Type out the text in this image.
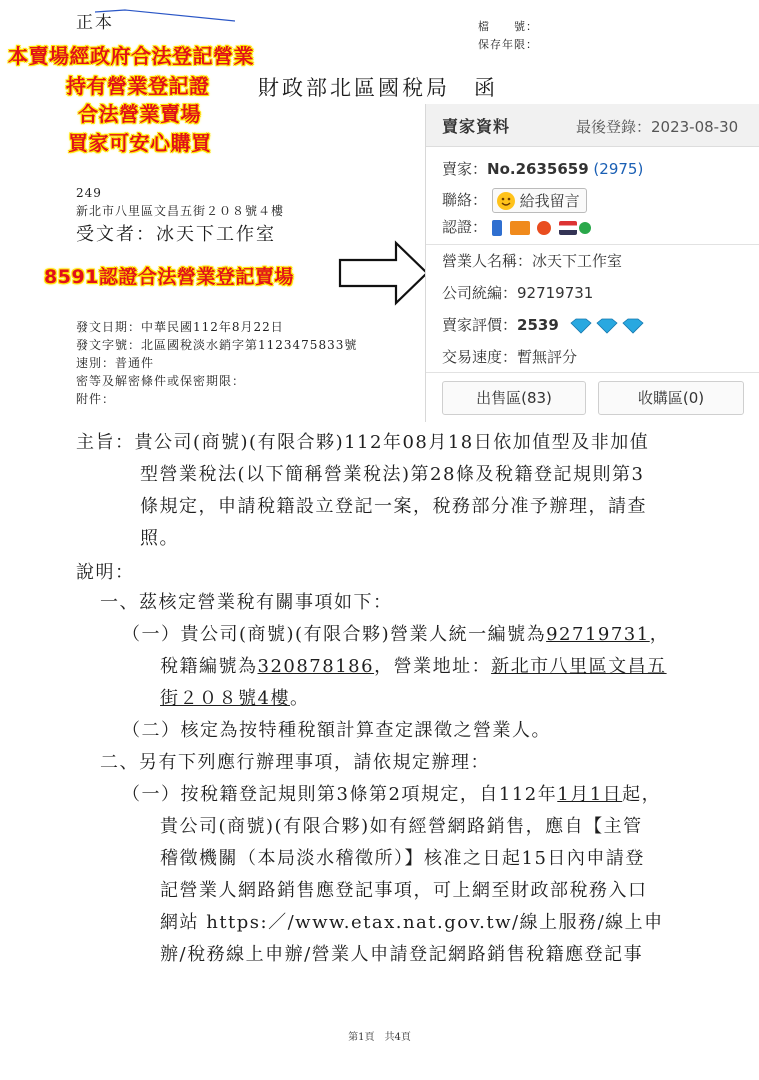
正本	檔　　號：
保存年限：
本賣場經政府合法登記營業
持有營業登記證
合法營業賣場
買家可安心購買
財政部北區國稅局　函
249
新北市八里區文昌五街２０８號４樓
受文者：冰天下工作室
8591認證合法營業登記賣場
發文日期：中華民國112年8月22日
發文字號：北區國稅淡水銷字第1123475833號
速別：普通件
密等及解密條件或保密期限：
附件：
賣家資料	最後登錄：2023-08-30
賣家：No.2635659 (2975)
聯絡： 給我留言
認證：
營業人名稱：冰天下工作室
公司統編：92719731
賣家評價：2539
交易速度：暫無評分
出售區(83)	收購區(0)
主旨：貴公司(商號)(有限合夥)112年08月18日依加值型及非加值
型營業稅法(以下簡稱營業稅法)第28條及稅籍登記規則第3
條規定，申請稅籍設立登記一案，稅務部分准予辦理，請查
照。
說明：
一、茲核定營業稅有關事項如下：
（一）貴公司(商號)(有限合夥)營業人統一編號為92719731，
稅籍編號為320878186，營業地址：新北市八里區文昌五
街２０８號4樓。
（二）核定為按特種稅額計算查定課徵之營業人。
二、另有下列應行辦理事項，請依規定辦理：
（一）按稅籍登記規則第3條第2項規定，自112年1月1日起，
貴公司(商號)(有限合夥)如有經營網路銷售，應自【主管
稽徵機關（本局淡水稽徵所）】核准之日起15日內申請登
記營業人網路銷售應登記事項，可上網至財政部稅務入口
網站 https:／/www.etax.nat.gov.tw/線上服務/線上申
辦/稅務線上申辦/營業人申請登記網路銷售稅籍應登記事
第1頁　共4頁
